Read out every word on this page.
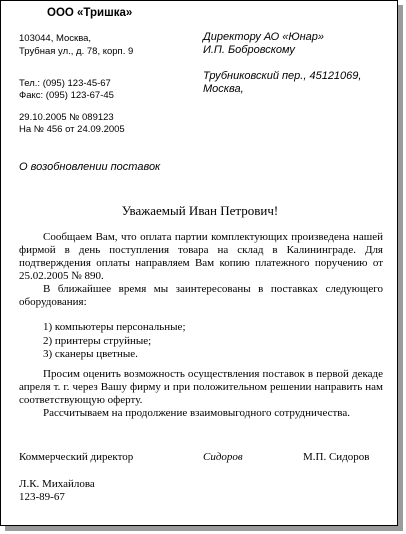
ООО «Тришка»
103044, Москва,
Трубная ул., д. 78, корп. 9
Тел.: (095) 123-45-67
Факс: (095) 123-67-45
29.10.2005 № 089123
На № 456 от 24.09.2005
Директору АО «Юнар»
И.П. Бобровскому
Трубниковский пер., 45121069,
Москва,
О возобновлении поставок
Уважаемый Иван Петрович!
Сообщаем Вам, что оплата партии комплектующих произведена нашей фирмой в день поступления товара на склад в Калининграде. Для подтверждения оплаты направляем Вам копию платежного поручению от 25.02.2005 № 890.
В ближайшее время мы заинтересованы в поставках следующего оборудования:
1) компьютеры персональные;
2) принтеры струйные;
3) сканеры цветные.
Просим оценить возможность осуществления поставок в первой декаде апреля т. г. через Вашу фирму и при положительном решении направить нам соответствующую оферту.
Рассчитываем на продолжение взаимовыгодного сотрудничества.
Коммерческий директор	Сидоров	М.П. Сидоров
Л.К. Михайлова
123-89-67
